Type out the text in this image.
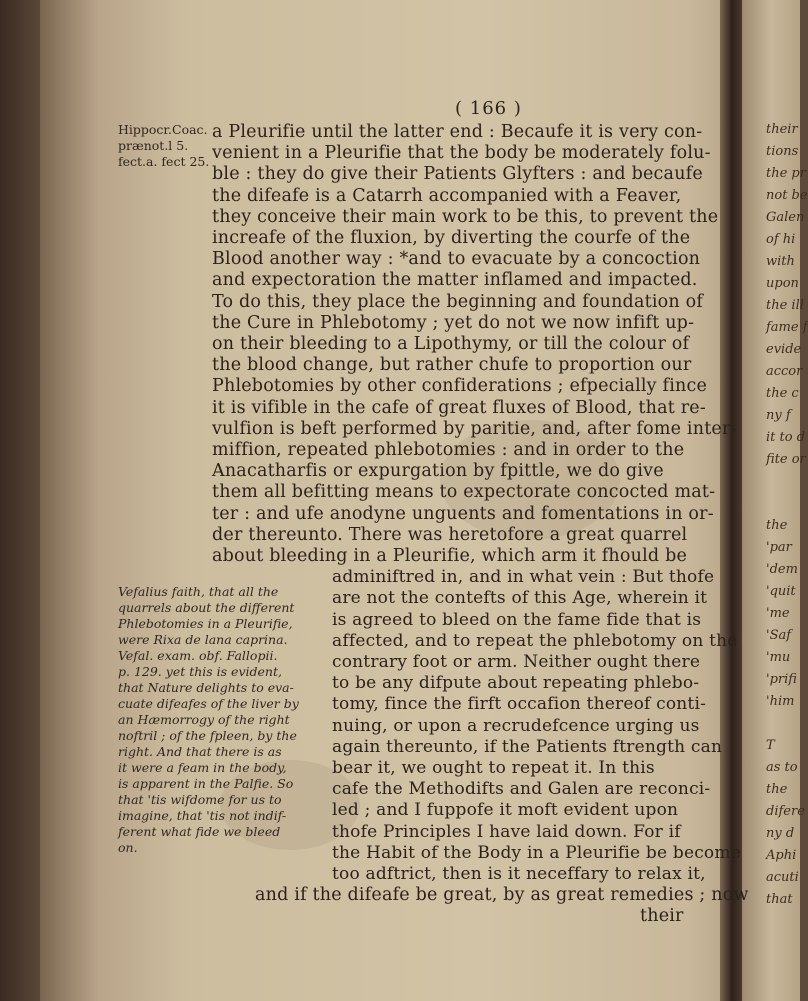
their
tions
the pr
not be
Galen
of hi
with
upon
the ill
fame f
evide
accor
the c
ny f
it to d
fite or
the
'par
'dem
'quit
'me
'Saf
'mu
'prifi
'him
T
as to
the
difere
ny d
Aphi
acuti
that
( 166 )
Hippocr.Coac.
prænot.l 5.
fect.a. fect 25.
a Pleurifie until the latter end : Becaufe it is very con-
venient in a Pleurifie that the body be moderately folu-
ble : they do give their Patients Glyfters : and becaufe
the difeafe is a Catarrh accompanied with a Feaver,
they conceive their main work to be this, to prevent the
increafe of the fluxion, by diverting the courfe of the
Blood another way : *and to evacuate by a concoction
and expectoration the matter inflamed and impacted.
To do this, they place the beginning and foundation of
the Cure in Phlebotomy ; yet do not we now infift up-
on their bleeding to a Lipothymy, or till the colour of
the blood change, but rather chufe to proportion our
Phlebotomies by other confiderations ; efpecially fince
it is vifible in the cafe of great fluxes of Blood, that re-
vulfion is beft performed by paritie, and, after fome inter-
miffion, repeated phlebotomies : and in order to the
Anacatharfis or expurgation by fpittle, we do give
them all befitting means to expectorate concocted mat-
ter : and ufe anodyne unguents and fomentations in or-
der thereunto. There was heretofore a great quarrel
about bleeding in a Pleurifie, which arm it fhould be
adminiftred in, and in what vein : But thofe
are not the contefts of this Age, wherein it
is agreed to bleed on the fame fide that is
affected, and to repeat the phlebotomy on the
contrary foot or arm. Neither ought there
to be any difpute about repeating phlebo-
tomy, fince the firft occafion thereof conti-
nuing, or upon a recrudefcence urging us
again thereunto, if the Patients ftrength can
bear it, we ought to repeat it. In this
cafe the Methodifts and Galen are reconci-
led ; and I fuppofe it moft evident upon
thofe Principles I have laid down. For if
the Habit of the Body in a Pleurifie be become
too adftrict, then is it neceffary to relax it,
and if the difeafe be great, by as great remedies ; now
their
Vefalius faith, that all the
quarrels about the different
Phlebotomies in a Pleurifie,
were Rixa de lana caprina.
Vefal. exam. obf. Fallopii.
p. 129. yet this is evident,
that Nature delights to eva-
cuate difeafes of the liver by
an Hæmorrogy of the right
noftril ; of the fpleen, by the
right. And that there is as
it were a feam in the body,
is apparent in the Palfie. So
that 'tis wifdome for us to
imagine, that 'tis not indif-
ferent what fide we bleed
on.
